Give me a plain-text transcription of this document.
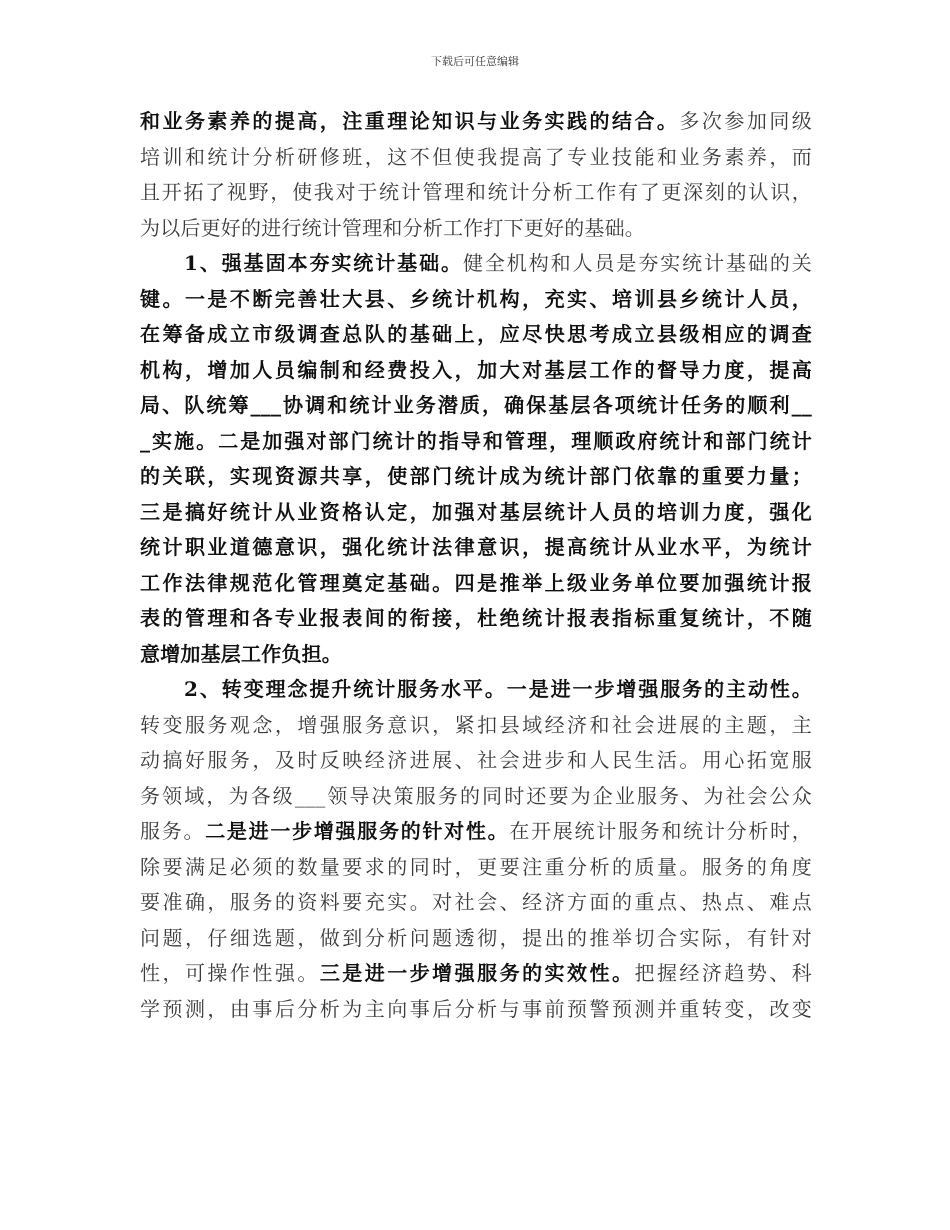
下载后可任意编辑
和业务素养的提高，注重理论知识与业务实践的结合。多次参加同级
培训和统计分析研修班，这不但使我提高了专业技能和业务素养，而
且开拓了视野，使我对于统计管理和统计分析工作有了更深刻的认识，
为以后更好的进行统计管理和分析工作打下更好的基础。
1、强基固本夯实统计基础。健全机构和人员是夯实统计基础的关
键。一是不断完善壮大县、乡统计机构，充实、培训县乡统计人员，
在筹备成立市级调查总队的基础上，应尽快思考成立县级相应的调查
机构，增加人员编制和经费投入，加大对基层工作的督导力度，提高
局、队统筹___协调和统计业务潜质，确保基层各项统计任务的顺利__
_实施。二是加强对部门统计的指导和管理，理顺政府统计和部门统计
的关联，实现资源共享，使部门统计成为统计部门依靠的重要力量；
三是搞好统计从业资格认定，加强对基层统计人员的培训力度，强化
统计职业道德意识，强化统计法律意识，提高统计从业水平，为统计
工作法律规范化管理奠定基础。四是推举上级业务单位要加强统计报
表的管理和各专业报表间的衔接，杜绝统计报表指标重复统计，不随
意增加基层工作负担。
2、转变理念提升统计服务水平。一是进一步增强服务的主动性。
转变服务观念，增强服务意识，紧扣县域经济和社会进展的主题，主
动搞好服务，及时反映经济进展、社会进步和人民生活。用心拓宽服
务领域，为各级___领导决策服务的同时还要为企业服务、为社会公众
服务。二是进一步增强服务的针对性。在开展统计服务和统计分析时，
除要满足必须的数量要求的同时，更要注重分析的质量。服务的角度
要准确，服务的资料要充实。对社会、经济方面的重点、热点、难点
问题，仔细选题，做到分析问题透彻，提出的推举切合实际，有针对
性，可操作性强。三是进一步增强服务的实效性。把握经济趋势、科
学预测，由事后分析为主向事后分析与事前预警预测并重转变，改变
